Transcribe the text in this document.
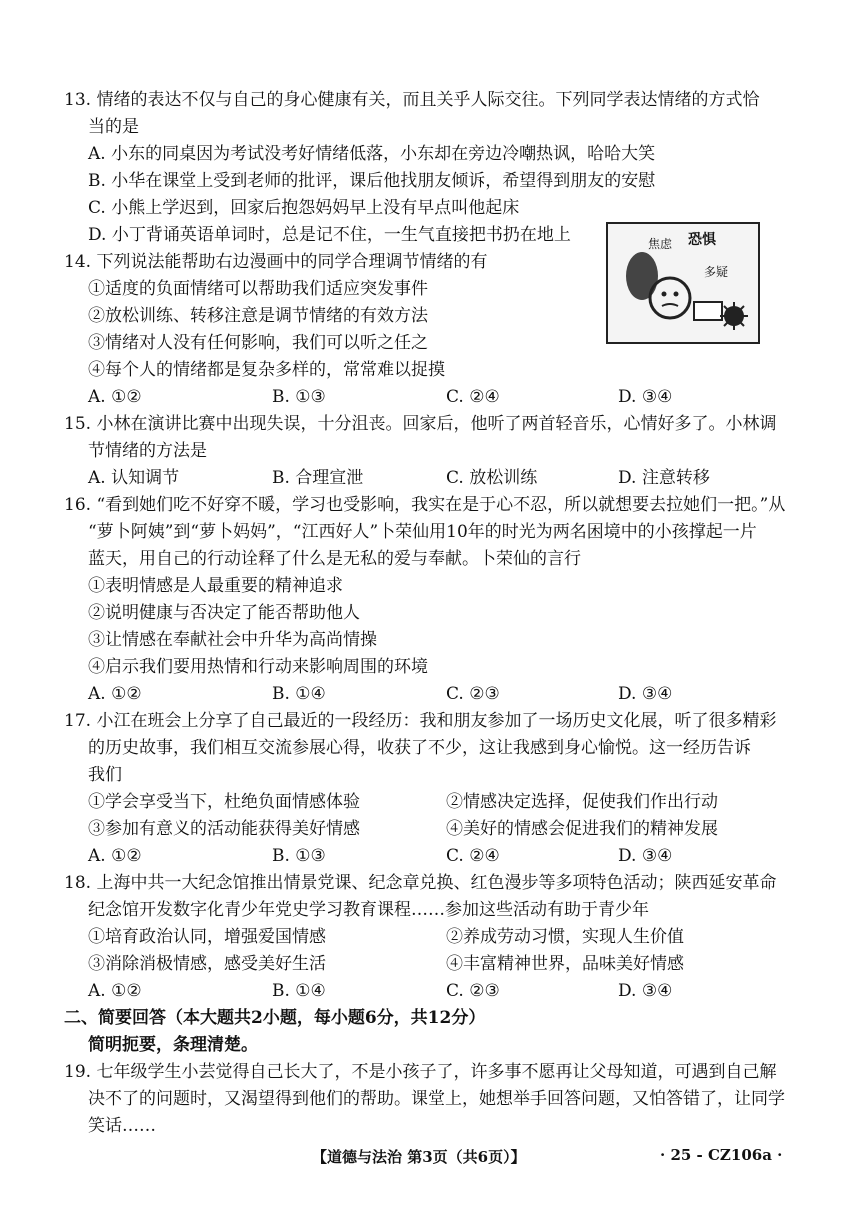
13. 情绪的表达不仅与自己的身心健康有关，而且关乎人际交往。下列同学表达情绪的方式恰
当的是
A. 小东的同桌因为考试没考好情绪低落，小东却在旁边冷嘲热讽，哈哈大笑
B. 小华在课堂上受到老师的批评，课后他找朋友倾诉，希望得到朋友的安慰
C. 小熊上学迟到，回家后抱怨妈妈早上没有早点叫他起床
D. 小丁背诵英语单词时，总是记不住，一生气直接把书扔在地上
14. 下列说法能帮助右边漫画中的同学合理调节情绪的有
①适度的负面情绪可以帮助我们适应突发事件
②放松训练、转移注意是调节情绪的有效方法
③情绪对人没有任何影响，我们可以听之任之
④每个人的情绪都是复杂多样的，常常难以捉摸
A. ①②	B. ①③	C. ②④	D. ③④
焦虑 恐惧
多疑
15. 小林在演讲比赛中出现失误，十分沮丧。回家后，他听了两首轻音乐，心情好多了。小林调
节情绪的方法是
A. 认知调节	B. 合理宣泄	C. 放松训练	D. 注意转移
16. “看到她们吃不好穿不暖，学习也受影响，我实在是于心不忍，所以就想要去拉她们一把。”从
“萝卜阿姨”到“萝卜妈妈”，“江西好人”卜荣仙用10年的时光为两名困境中的小孩撑起一片
蓝天，用自己的行动诠释了什么是无私的爱与奉献。卜荣仙的言行
①表明情感是人最重要的精神追求
②说明健康与否决定了能否帮助他人
③让情感在奉献社会中升华为高尚情操
④启示我们要用热情和行动来影响周围的环境
A. ①②	B. ①④	C. ②③	D. ③④
17. 小江在班会上分享了自己最近的一段经历：我和朋友参加了一场历史文化展，听了很多精彩
的历史故事，我们相互交流参展心得，收获了不少，这让我感到身心愉悦。这一经历告诉
我们
①学会享受当下，杜绝负面情感体验	②情感决定选择，促使我们作出行动
③参加有意义的活动能获得美好情感	④美好的情感会促进我们的精神发展
A. ①②	B. ①③	C. ②④	D. ③④
18. 上海中共一大纪念馆推出情景党课、纪念章兑换、红色漫步等多项特色活动；陕西延安革命
纪念馆开发数字化青少年党史学习教育课程……参加这些活动有助于青少年
①培育政治认同，增强爱国情感	②养成劳动习惯，实现人生价值
③消除消极情感，感受美好生活	④丰富精神世界，品味美好情感
A. ①②	B. ①④	C. ②③	D. ③④
二、简要回答（本大题共2小题，每小题6分，共12分）
简明扼要，条理清楚。
19. 七年级学生小芸觉得自己长大了，不是小孩子了，许多事不愿再让父母知道，可遇到自己解
决不了的问题时，又渴望得到他们的帮助。课堂上，她想举手回答问题，又怕答错了，让同学
笑话……
【道德与法治 第3页（共6页）】	· 25 - CZ106a ·
